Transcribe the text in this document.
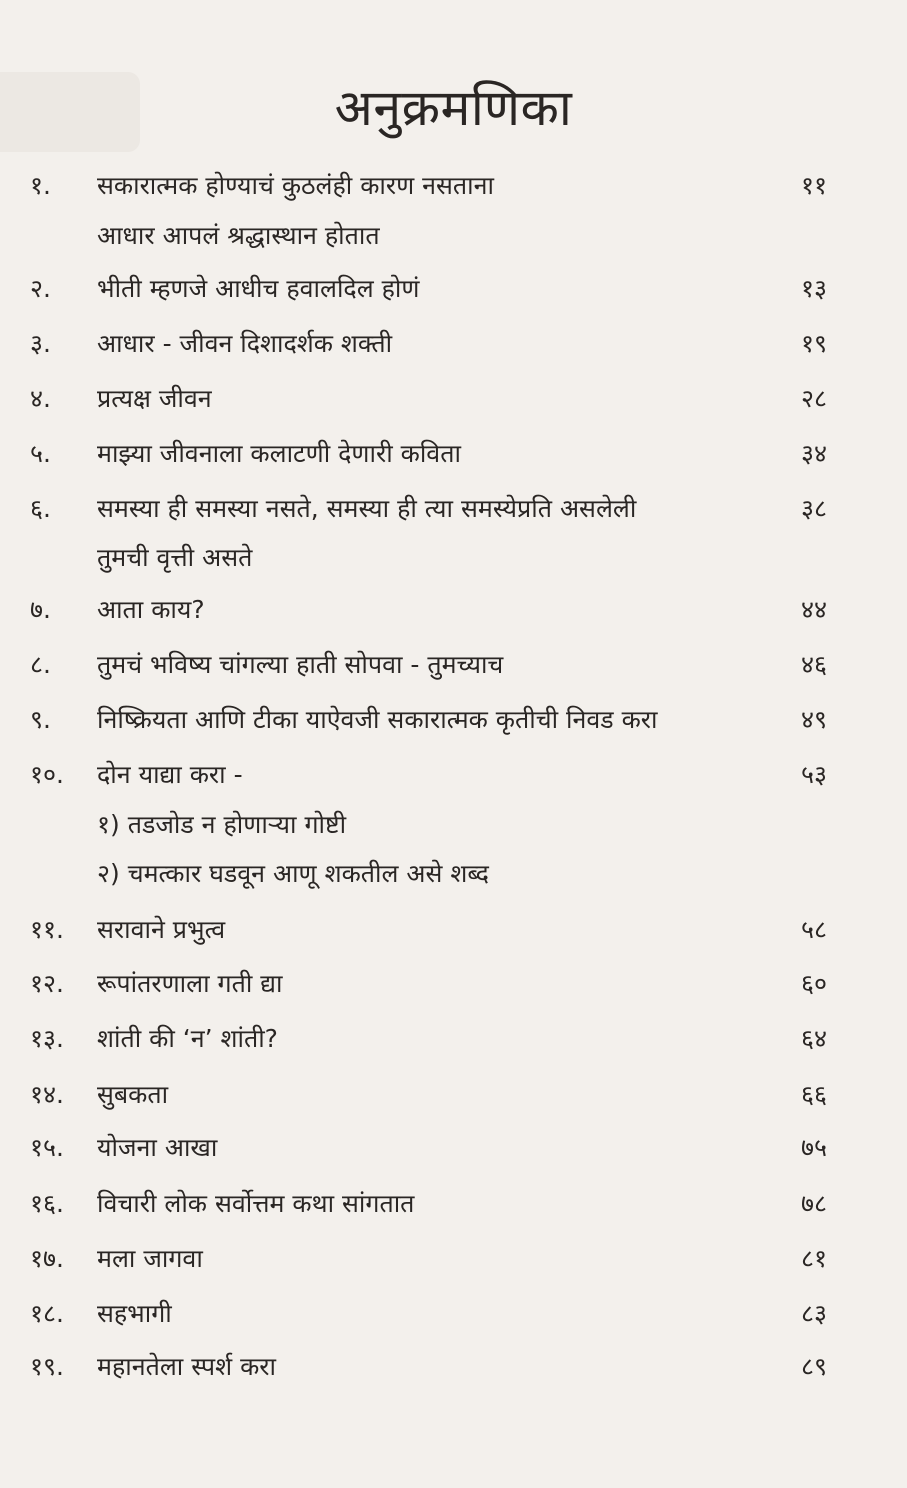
अनुक्रमणिका
१.	सकारात्मक होण्याचं कुठलंही कारण नसताना	११
आधार आपलं श्रद्धास्थान होतात
२.	भीती म्हणजे आधीच हवालदिल होणं	१३
३.	आधार - जीवन दिशादर्शक शक्ती	१९
४.	प्रत्यक्ष जीवन	२८
५.	माझ्या जीवनाला कलाटणी देणारी कविता	३४
६.	समस्या ही समस्या नसते, समस्या ही त्या समस्येप्रति असलेली	३८
तुमची वृत्ती असते
७.	आता काय?	४४
८.	तुमचं भविष्य चांगल्या हाती सोपवा - तुमच्याच	४६
९.	निष्क्रियता आणि टीका याऐवजी सकारात्मक कृतीची निवड करा	४९
१०.	दोन याद्या करा -	५३
१) तडजोड न होणाऱ्या गोष्टी
२) चमत्कार घडवून आणू शकतील असे शब्द
११.	सरावाने प्रभुत्व	५८
१२.	रूपांतरणाला गती द्या	६०
१३.	शांती की ‘न’ शांती?	६४
१४.	सुबकता	६६
१५.	योजना आखा	७५
१६.	विचारी लोक सर्वोत्तम कथा सांगतात	७८
१७.	मला जागवा	८१
१८.	सहभागी	८३
१९.	महानतेला स्पर्श करा	८९
